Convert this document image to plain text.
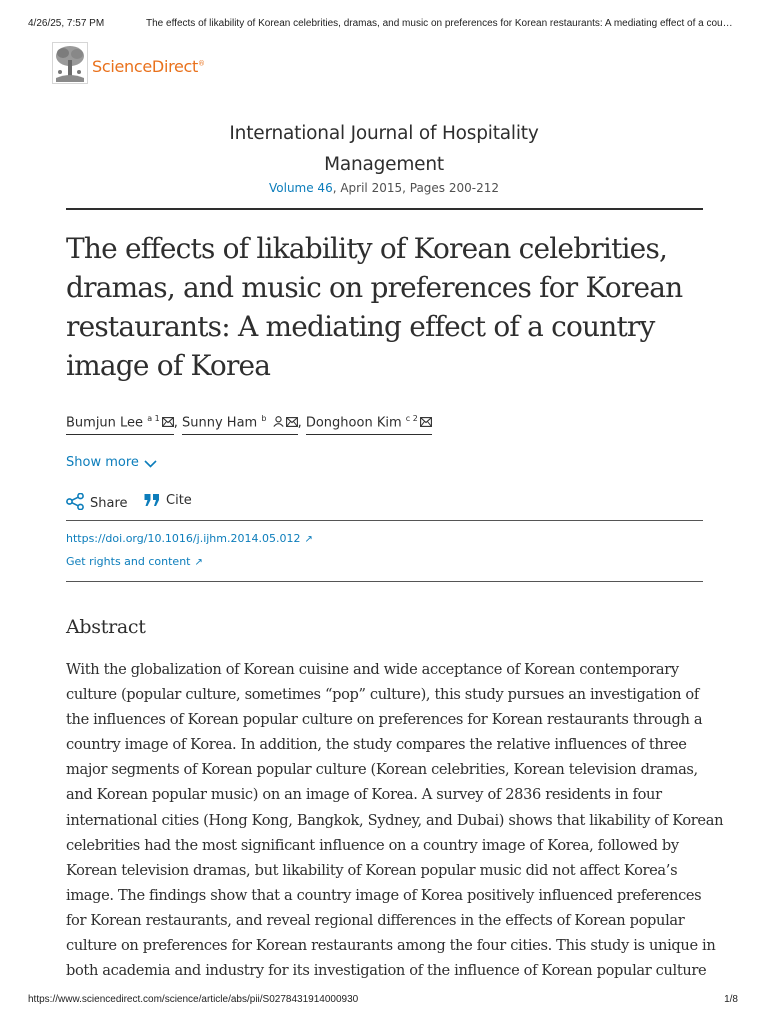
4/26/25, 7:57 PM	The effects of likability of Korean celebrities, dramas, and music on preferences for Korean restaurants: A mediating effect of a cou…
ScienceDirect®
International Journal of Hospitality
Management
Volume 46, April 2015, Pages 200-212
The effects of likability of Korean celebrities,
dramas, and music on preferences for Korean
restaurants: A mediating effect of a country
image of Korea
Bumjun Lee $^{a 1}$ , Sunny Ham $^b$ , Donghoon Kim $^{c 2}$
Show more
Share	Cite
https://doi.org/10.1016/j.ijhm.2014.05.012 ↗
Get rights and content ↗
Abstract
With the globalization of Korean cuisine and wide acceptance of Korean contemporary
culture (popular culture, sometimes “pop” culture), this study pursues an investigation of
the influences of Korean popular culture on preferences for Korean restaurants through a
country image of Korea. In addition, the study compares the relative influences of three
major segments of Korean popular culture (Korean celebrities, Korean television dramas,
and Korean popular music) on an image of Korea. A survey of 2836 residents in four
international cities (Hong Kong, Bangkok, Sydney, and Dubai) shows that likability of Korean
celebrities had the most significant influence on a country image of Korea, followed by
Korean television dramas, but likability of Korean popular music did not affect Korea’s
image. The findings show that a country image of Korea positively influenced preferences
for Korean restaurants, and reveal regional differences in the effects of Korean popular
culture on preferences for Korean restaurants among the four cities. This study is unique in
both academia and industry for its investigation of the influence of Korean popular culture
https://www.sciencedirect.com/science/article/abs/pii/S0278431914000930	1/8
